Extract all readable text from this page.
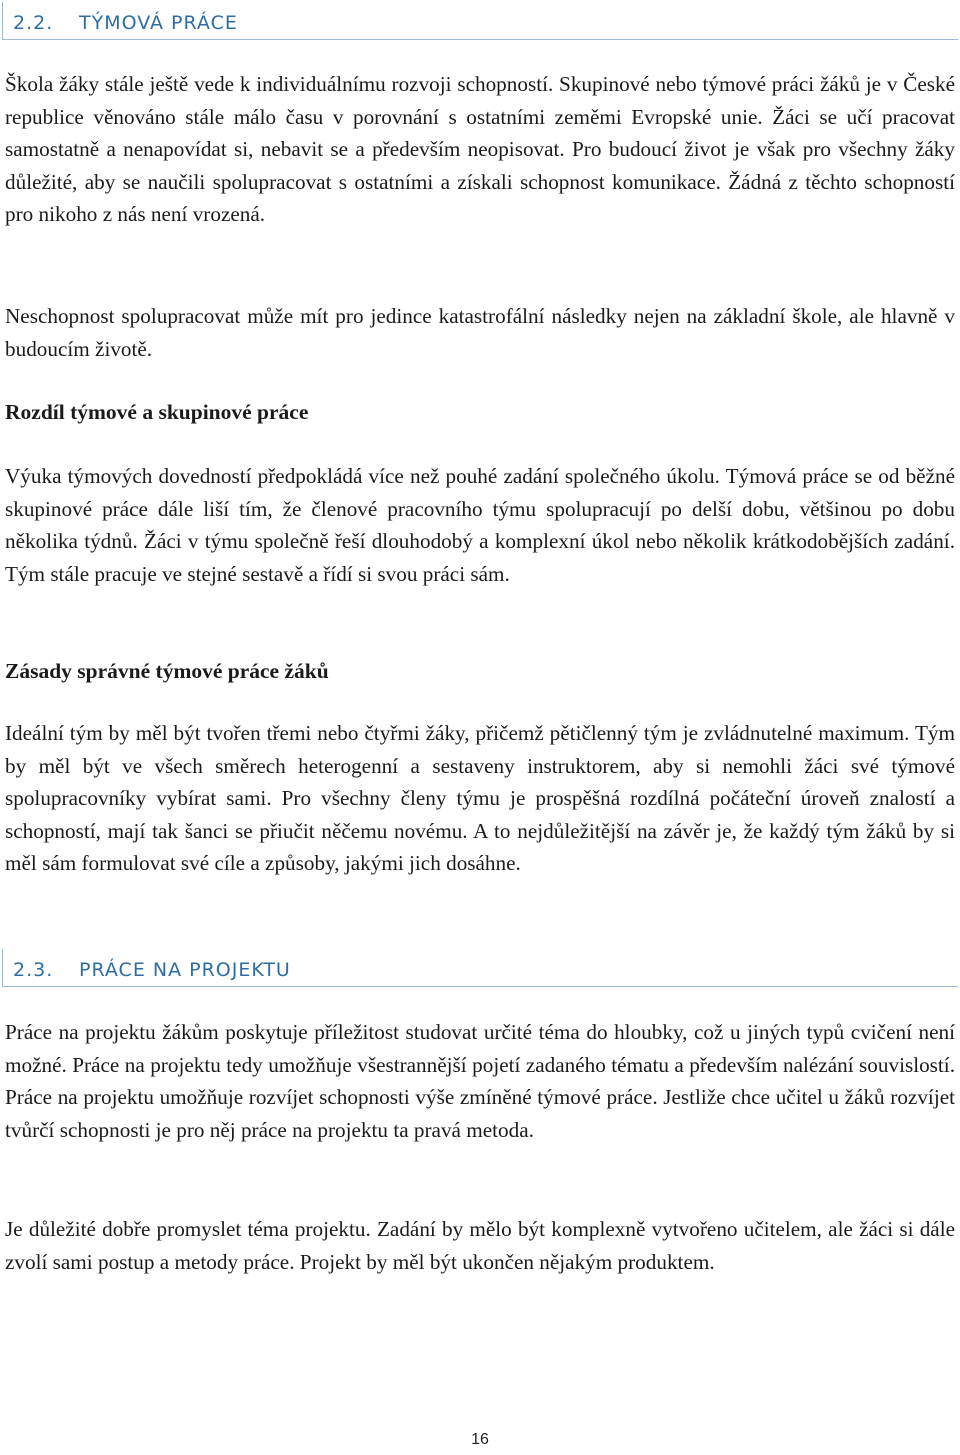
2.2. TÝMOVÁ PRÁCE

Škola žáky stále ještě vede k individuálnímu rozvoji schopností. Skupinové nebo týmové práci žáků je v České republice věnováno stále málo času v porovnání s ostatními zeměmi Evropské unie. Žáci se učí pracovat samostatně a nenapovídat si, nebavit se a především neopisovat. Pro budoucí život je však pro všechny žáky důležité, aby se naučili spolupracovat s ostatními a získali schopnost komunikace. Žádná z těchto schopností pro nikoho z nás není vrozená.

Neschopnost spolupracovat může mít pro jedince katastrofální následky nejen na základní škole, ale hlavně v budoucím životě.

Rozdíl týmové a skupinové práce

Výuka týmových dovedností předpokládá více než pouhé zadání společného úkolu. Týmová práce se od běžné skupinové práce dále liší tím, že členové pracovního týmu spolupracují po delší dobu, většinou po dobu několika týdnů. Žáci v týmu společně řeší dlouhodobý a komplexní úkol nebo několik krátkodobějších zadání. Tým stále pracuje ve stejné sestavě a řídí si svou práci sám.

Zásady správné týmové práce žáků

Ideální tým by měl být tvořen třemi nebo čtyřmi žáky, přičemž pětičlenný tým je zvládnutelné maximum. Tým by měl být ve všech směrech heterogenní a sestaveny instruktorem, aby si nemohli žáci své týmové spolupracovníky vybírat sami. Pro všechny členy týmu je prospěšná rozdílná počáteční úroveň znalostí a schopností, mají tak šanci se přiučit něčemu novému. A to nejdůležitější na závěr je, že každý tým žáků by si měl sám formulovat své cíle a způsoby, jakými jich dosáhne.

2.3. PRÁCE NA PROJEKTU

Práce na projektu žákům poskytuje příležitost studovat určité téma do hloubky, což u jiných typů cvičení není možné. Práce na projektu tedy umožňuje všestrannější pojetí zadaného tématu a především nalézání souvislostí. Práce na projektu umožňuje rozvíjet schopnosti výše zmíněné týmové práce. Jestliže chce učitel u žáků rozvíjet tvůrčí schopnosti je pro něj práce na projektu ta pravá metoda.

Je důležité dobře promyslet téma projektu. Zadání by mělo být komplexně vytvořeno učitelem, ale žáci si dále zvolí sami postup a metody práce. Projekt by měl být ukončen nějakým produktem.

16
